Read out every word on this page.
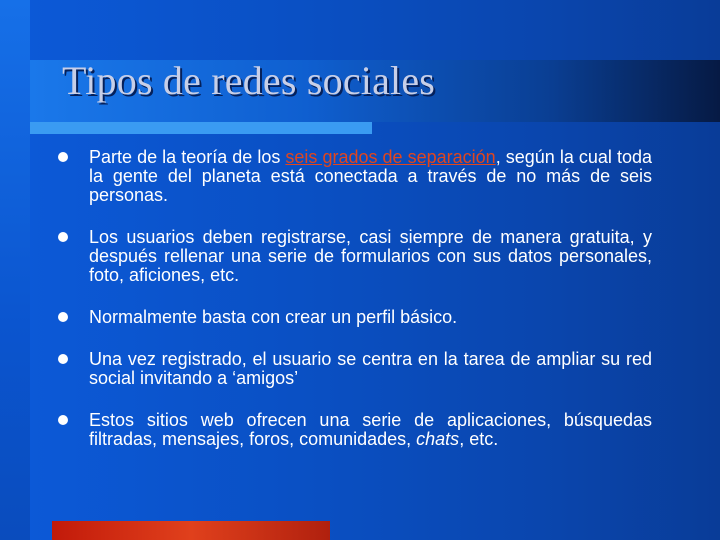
Tipos de redes sociales

Parte de la teoría de los seis grados de separación, según la cual toda la gente del planeta está conectada a través de no más de seis personas.

Los usuarios deben registrarse, casi siempre de manera gratuita, y después rellenar una serie de formularios con sus datos personales, foto, aficiones, etc.

Normalmente basta con crear un perfil básico.

Una vez registrado, el usuario se centra en la tarea de ampliar su red social invitando a ‘amigos’

Estos sitios web ofrecen una serie de aplicaciones, búsquedas filtradas, mensajes, foros, comunidades, chats, etc.
